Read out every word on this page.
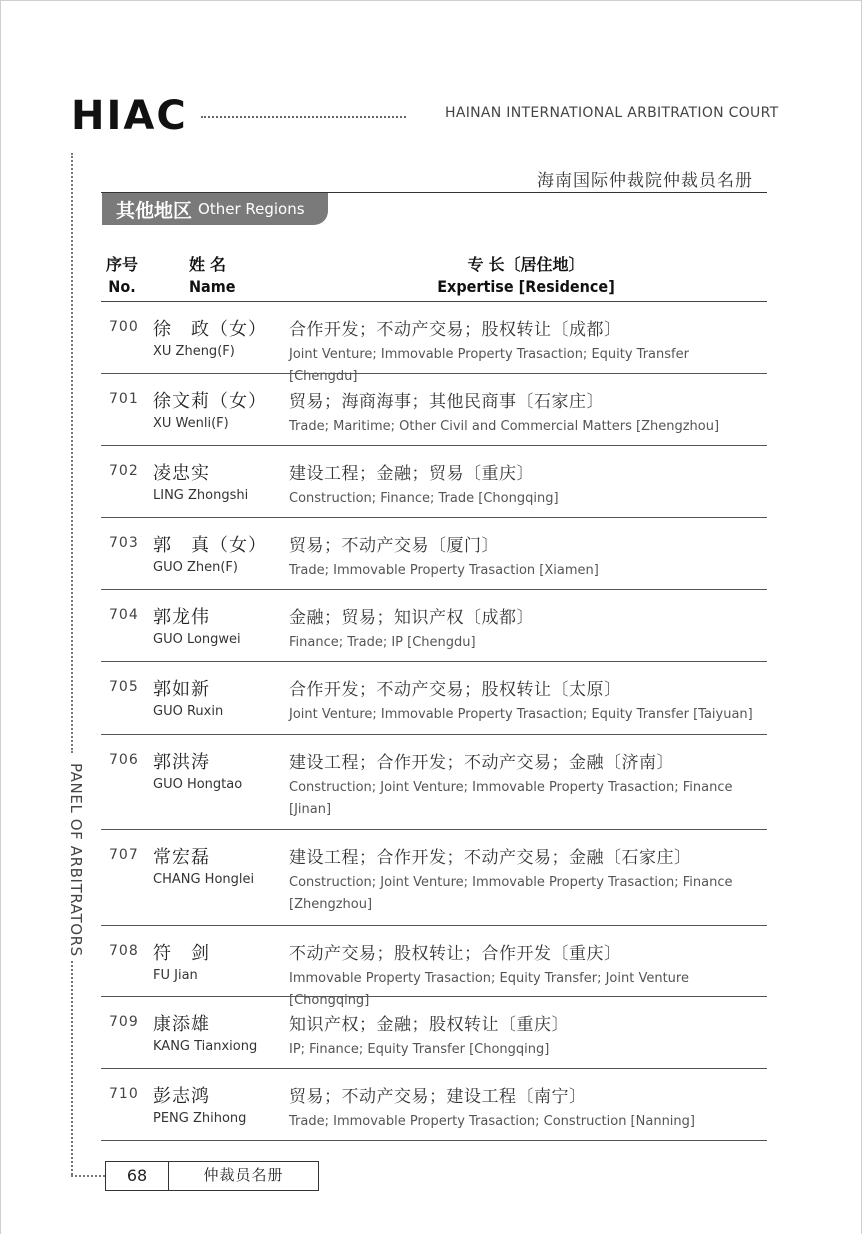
HIAC	HAINAN INTERNATIONAL ARBITRATION COURT
海南国际仲裁院仲裁员名册
其他地区 Other Regions
PANEL OF ARBITRATORS
序号
No.
姓 名
Name
专 长〔居住地〕
Expertise [Residence]
700 徐　政（女）
XU Zheng(F)
合作开发；不动产交易；股权转让〔成都〕
Joint Venture; Immovable Property Trasaction; Equity Transfer [Chengdu]
701 徐文莉（女）
XU Wenli(F)
贸易；海商海事；其他民商事〔石家庄〕
Trade; Maritime; Other Civil and Commercial Matters [Zhengzhou]
702 凌忠实
LING Zhongshi
建设工程；金融；贸易〔重庆〕
Construction; Finance; Trade [Chongqing]
703 郭　真（女）
GUO Zhen(F)
贸易；不动产交易〔厦门〕
Trade; Immovable Property Trasaction [Xiamen]
704 郭龙伟
GUO Longwei
金融；贸易；知识产权〔成都〕
Finance; Trade; IP [Chengdu]
705 郭如新
GUO Ruxin
合作开发；不动产交易；股权转让〔太原〕
Joint Venture; Immovable Property Trasaction; Equity Transfer [Taiyuan]
706 郭洪涛
GUO Hongtao
建设工程；合作开发；不动产交易；金融〔济南〕
Construction; Joint Venture; Immovable Property Trasaction; Finance [Jinan]
707 常宏磊
CHANG Honglei
建设工程；合作开发；不动产交易；金融〔石家庄〕
Construction; Joint Venture; Immovable Property Trasaction; Finance [Zhengzhou]
708 符　剑
FU Jian
不动产交易；股权转让；合作开发〔重庆〕
Immovable Property Trasaction; Equity Transfer; Joint Venture [Chongqing]
709 康添雄
KANG Tianxiong
知识产权；金融；股权转让〔重庆〕
IP; Finance; Equity Transfer [Chongqing]
710 彭志鸿
PENG Zhihong
贸易；不动产交易；建设工程〔南宁〕
Trade; Immovable Property Trasaction; Construction [Nanning]
68	仲裁员名册
